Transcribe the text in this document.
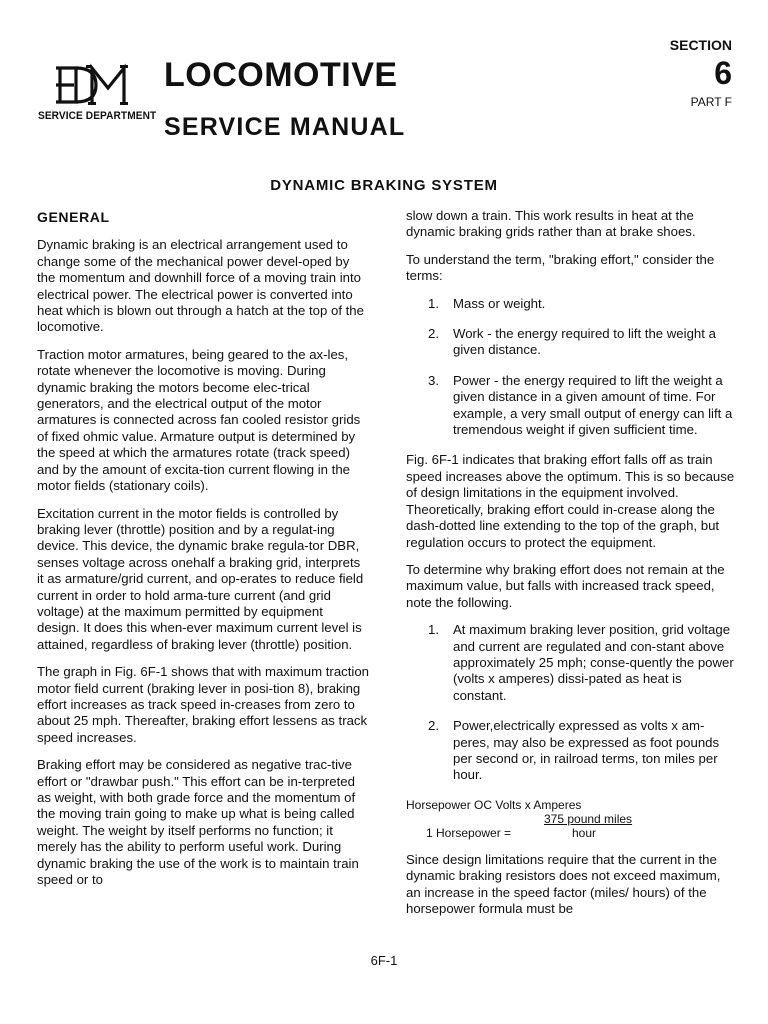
SERVICE DEPARTMENT
LOCOMOTIVE
SERVICE MANUAL
SECTION
6
PART F
DYNAMIC BRAKING SYSTEM
GENERAL

Dynamic braking is an electrical arrangement used to change some of the mechanical power devel-oped by the momentum and downhill force of a moving train into electrical power. The electrical power is converted into heat which is blown out through a hatch at the top of the locomotive.

Traction motor armatures, being geared to the ax-les, rotate whenever the locomotive is moving. During dynamic braking the motors become elec-trical generators, and the electrical output of the motor armatures is connected across fan cooled resistor grids of fixed ohmic value. Armature output is determined by the speed at which the armatures rotate (track speed) and by the amount of excita-tion current flowing in the motor fields (stationary coils).

Excitation current in the motor fields is controlled by braking lever (throttle) position and by a regulat-ing device. This device, the dynamic brake regula-tor DBR, senses voltage across onehalf a braking grid, interprets it as armature/grid current, and op-erates to reduce field current in order to hold arma-ture current (and grid voltage) at the maximum permitted by equipment design. It does this when-ever maximum current level is attained, regardless of braking lever (throttle) position.

The graph in Fig. 6F-1 shows that with maximum traction motor field current (braking lever in posi-tion 8), braking effort increases as track speed in-creases from zero to about 25 mph. Thereafter, braking effort lessens as track speed increases.

Braking effort may be considered as negative trac-tive effort or "drawbar push." This effort can be in-terpreted as weight, with both grade force and the momentum of the moving train going to make up what is being called weight. The weight by itself performs no function; it merely has the ability to perform useful work. During dynamic braking the use of the work is to maintain train speed or to

slow down a train. This work results in heat at the dynamic braking grids rather than at brake shoes.

To understand the term, "braking effort," consider the terms:

1. Mass or weight.
2. Work - the energy required to lift the weight a given distance.
3. Power - the energy required to lift the weight a given distance in a given amount of time. For example, a very small output of energy can lift a tremendous weight if given sufficient time.

Fig. 6F-1 indicates that braking effort falls off as train speed increases above the optimum. This is so because of design limitations in the equipment involved. Theoretically, braking effort could in-crease along the dash-dotted line extending to the top of the graph, but regulation occurs to protect the equipment.

To determine why braking effort does not remain at the maximum value, but falls with increased track speed, note the following.

1. At maximum braking lever position, grid voltage and current are regulated and con-stant above approximately 25 mph; conse-quently the power (volts x amperes) dissi-pated as heat is constant.
2. Power,electrically expressed as volts x am-peres, may also be expressed as foot pounds per second or, in railroad terms, ton miles per hour.
Horsepower OC Volts x Amperes
375 pound miles
1 Horsepower =	hour

Since design limitations require that the current in the dynamic braking resistors does not exceed maximum, an increase in the speed factor (miles/ hours) of the horsepower formula must be

6F-1
